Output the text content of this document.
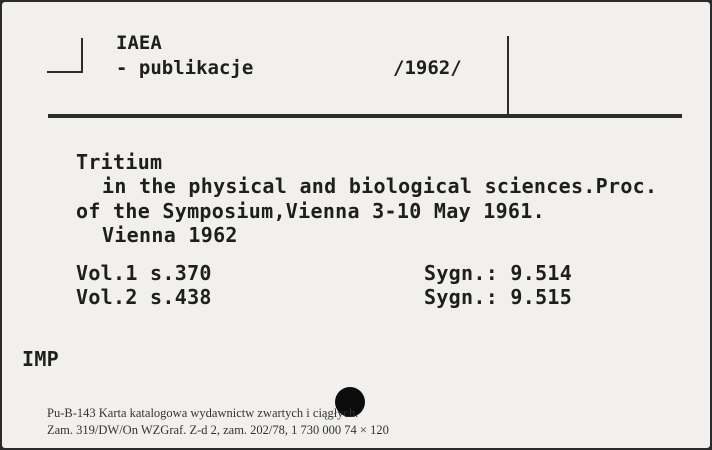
IAEA
- publikacje	/1962/
Tritium
in the physical and biological sciences.Proc.
of the Symposium,Vienna 3-10 May 1961.
Vienna 1962
Vol.1 s.370	Sygn.: 9.514
Vol.2 s.438	Sygn.: 9.515
IMP
Pu-B-143 Karta katalogowa wydawnictw zwartych i ciągłych.
Zam. 319/DW/On WZGraf. Z-d 2, zam. 202/78, 1 730 000 74 × 120
